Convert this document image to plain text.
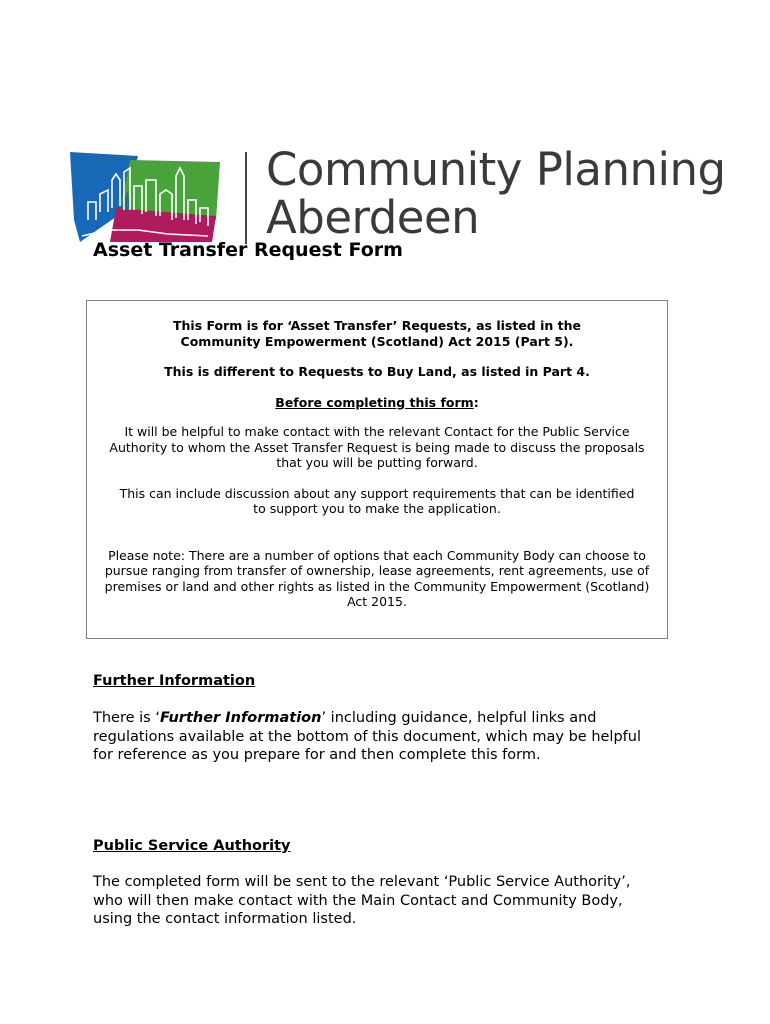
Community Planning
Aberdeen
Asset Transfer Request Form

This Form is for ‘Asset Transfer’ Requests, as listed in the Community Empowerment (Scotland) Act 2015 (Part 5).

This is different to Requests to Buy Land, as listed in Part 4.

Before completing this form:

It will be helpful to make contact with the relevant Contact for the Public Service Authority to whom the Asset Transfer Request is being made to discuss the proposals that you will be putting forward.

This can include discussion about any support requirements that can be identified to support you to make the application.

Please note: There are a number of options that each Community Body can choose to pursue ranging from transfer of ownership, lease agreements, rent agreements, use of premises or land and other rights as listed in the Community Empowerment (Scotland) Act 2015.

Further Information

There is ‘Further Information’ including guidance, helpful links and regulations available at the bottom of this document, which may be helpful for reference as you prepare for and then complete this form.

Public Service Authority

The completed form will be sent to the relevant ‘Public Service Authority’, who will then make contact with the Main Contact and Community Body, using the contact information listed.
